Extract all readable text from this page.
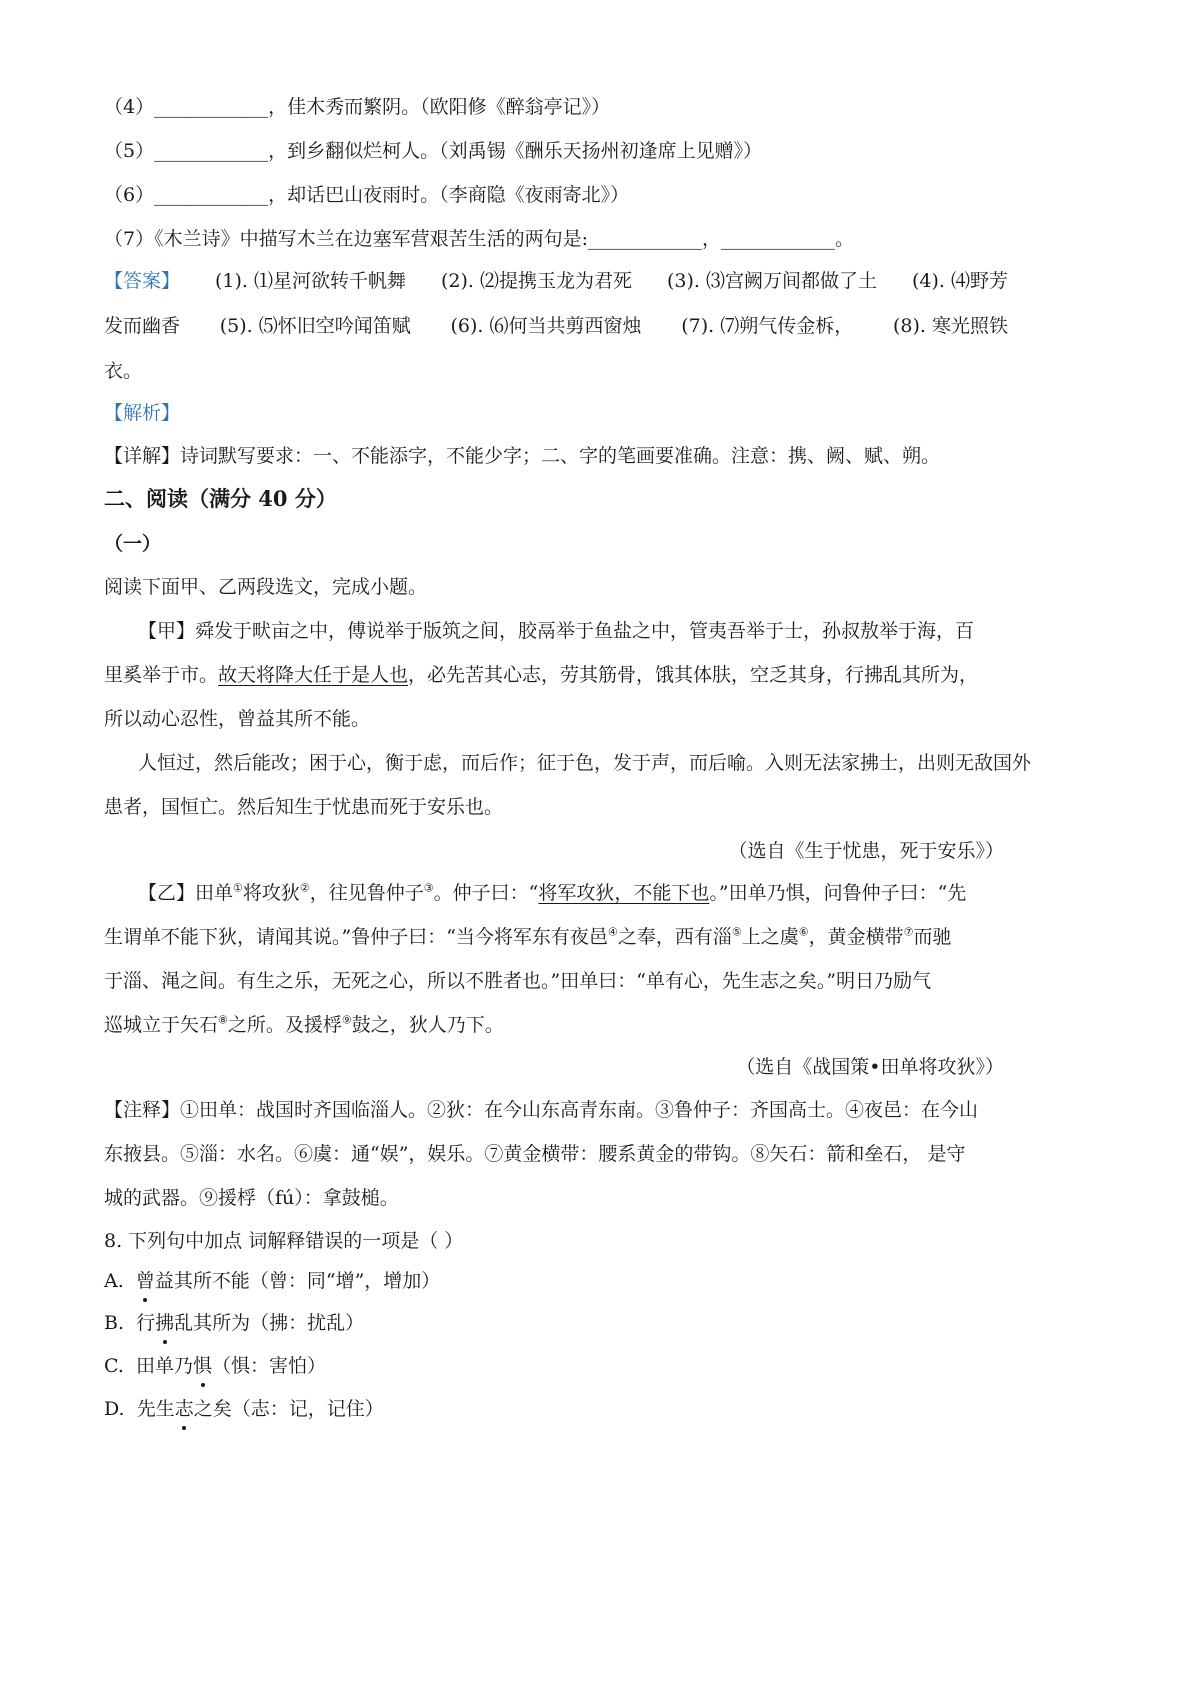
（4）____________，佳木秀而繁阴。（欧阳修《醉翁亭记》）
（5）____________，到乡翻似烂柯人。（刘禹锡《酬乐天扬州初逢席上见赠》）
（6）____________，却话巴山夜雨时。（李商隐《夜雨寄北》）
（7）《木兰诗》中描写木兰在边塞军营艰苦生活的两句是:____________，____________。
【答案】 (1). ⑴星河欲转千帆舞 (2). ⑵提携玉龙为君死 (3). ⑶宫阙万间都做了土 (4). ⑷野芳
发而幽香 (5). ⑸怀旧空吟闻笛赋 (6). ⑹何当共剪西窗烛 (7). ⑺朔气传金柝， (8). 寒光照铁
衣。
【解析】
【详解】诗词默写要求：一、不能添字，不能少字；二、字的笔画要准确。注意：携、阙、赋、朔。
二、阅读（满分 40 分）
（一）
阅读下面甲、乙两段选文，完成小题。
【甲】舜发于畎亩之中，傅说举于版筑之间，胶鬲举于鱼盐之中，管夷吾举于士，孙叔敖举于海，百
里奚举于市。故天将降大任于是人也，必先苦其心志，劳其筋骨，饿其体肤，空乏其身，行拂乱其所为，
所以动心忍性，曾益其所不能。
人恒过，然后能改；困于心，衡于虑，而后作；征于色，发于声，而后喻。入则无法家拂士，出则无敌国外
患者，国恒亡。然后知生于忧患而死于安乐也。
（选自《生于忧患，死于安乐》）
【乙】田单①将攻狄②，往见鲁仲子③。仲子曰：“将军攻狄，不能下也。”田单乃惧，问鲁仲子曰：“先
生谓单不能下狄，请闻其说。”鲁仲子曰：“当今将军东有夜邑④之奉，西有淄⑤上之虞⑥，黄金横带⑦而驰
于淄、渑之间。有生之乐，无死之心，所以不胜者也。”田单曰：“单有心，先生志之矣。”明日乃励气
巡城立于矢石⑧之所。及援桴⑨鼓之，狄人乃下。
（选自《战国策•田单将攻狄》）
【注释】①田单：战国时齐国临淄人。②狄：在今山东高青东南。③鲁仲子：齐国高士。④夜邑：在今山
东掖县。⑤淄：水名。⑥虞：通“娱”，娱乐。⑦黄金横带：腰系黄金的带钩。⑧矢石：箭和垒石， 是守
城的武器。⑨援桴（fú）：拿鼓槌。
8. 下列句中加点 词解释错误的一项是（ ）
A. 曾益其所不能（曾：同“增”，增加）
B. 行拂乱其所为（拂：扰乱）
C. 田单乃惧（惧：害怕）
D. 先生志之矣（志：记，记住）
